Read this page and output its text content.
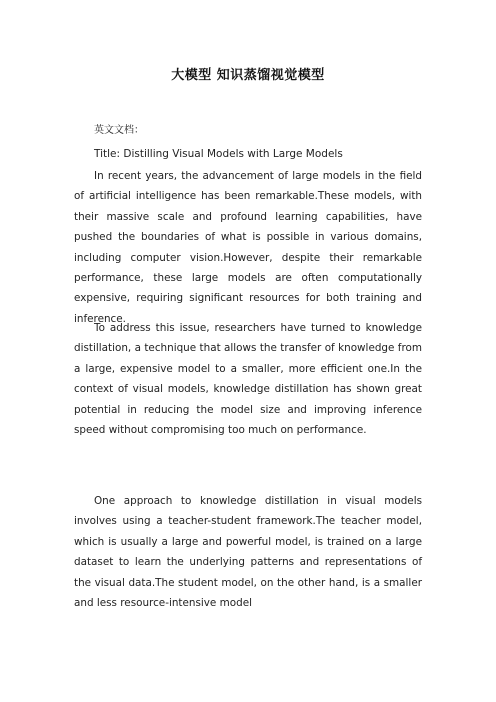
大模型 知识蒸馏视觉模型
英文文档：
Title: Distilling Visual Models with Large Models

In recent years, the advancement of large models in the field of artificial intelligence has been remarkable.These models, with their massive scale and profound learning capabilities, have pushed the boundaries of what is possible in various domains, including computer vision.However, despite their remarkable performance, these large models are often computationally expensive, requiring significant resources for both training and inference.

To address this issue, researchers have turned to knowledge distillation, a technique that allows the transfer of knowledge from a large, expensive model to a smaller, more efficient one.In the context of visual models, knowledge distillation has shown great potential in reducing the model size and improving inference speed without compromising too much on performance.

One approach to knowledge distillation in visual models involves using a teacher-student framework.The teacher model, which is usually a large and powerful model, is trained on a large dataset to learn the underlying patterns and representations of the visual data.The student model, on the other hand, is a smaller and less resource-intensive model
